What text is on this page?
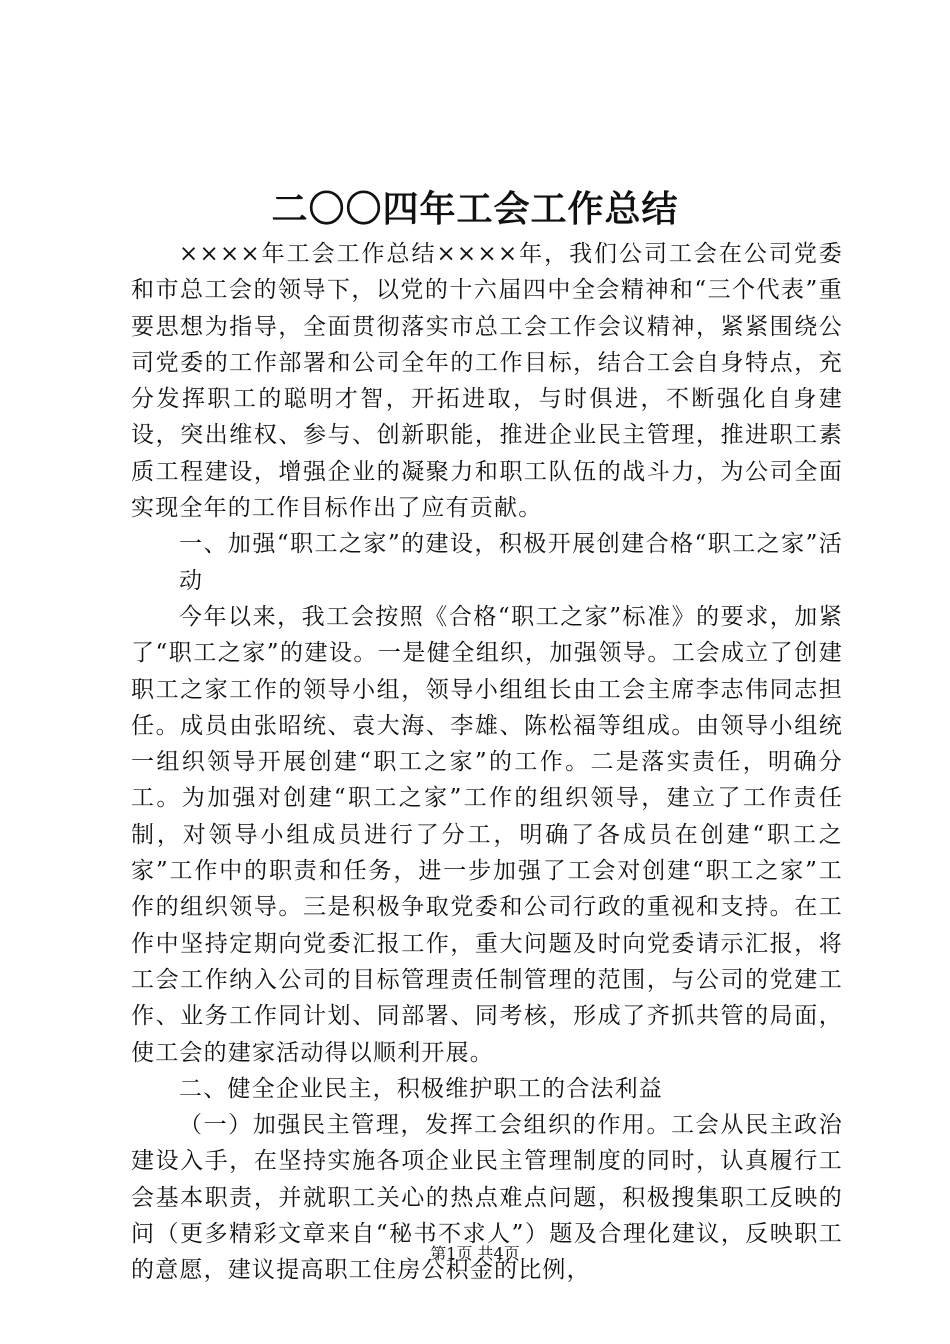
二〇〇四年工会工作总结

××××年工会工作总结××××年，我们公司工会在公司党委和市总工会的领导下，以党的十六届四中全会精神和“三个代表”重要思想为指导，全面贯彻落实市总工会工作会议精神，紧紧围绕公司党委的工作部署和公司全年的工作目标，结合工会自身特点，充分发挥职工的聪明才智，开拓进取，与时俱进，不断强化自身建设，突出维权、参与、创新职能，推进企业民主管理，推进职工素质工程建设，增强企业的凝聚力和职工队伍的战斗力，为公司全面实现全年的工作目标作出了应有贡献。

一、加强“职工之家”的建设，积极开展创建合格“职工之家”活动

今年以来，我工会按照《合格“职工之家”标准》的要求，加紧了“职工之家”的建设。一是健全组织，加强领导。工会成立了创建职工之家工作的领导小组，领导小组组长由工会主席李志伟同志担任。成员由张昭统、袁大海、李雄、陈松福等组成。由领导小组统一组织领导开展创建“职工之家”的工作。二是落实责任，明确分工。为加强对创建“职工之家”工作的组织领导，建立了工作责任制，对领导小组成员进行了分工，明确了各成员在创建“职工之家”工作中的职责和任务，进一步加强了工会对创建“职工之家”工作的组织领导。三是积极争取党委和公司行政的重视和支持。在工作中坚持定期向党委汇报工作，重大问题及时向党委请示汇报，将工会工作纳入公司的目标管理责任制管理的范围，与公司的党建工作、业务工作同计划、同部署、同考核，形成了齐抓共管的局面，使工会的建家活动得以顺利开展。

二、健全企业民主，积极维护职工的合法利益

（一）加强民主管理，发挥工会组织的作用。工会从民主政治建设入手，在坚持实施各项企业民主管理制度的同时，认真履行工会基本职责，并就职工关心的热点难点问题，积极搜集职工反映的问（更多精彩文章来自“秘书不求人”）题及合理化建议，反映职工的意愿，建议提高职工住房公积金的比例，

第1页 共4页
